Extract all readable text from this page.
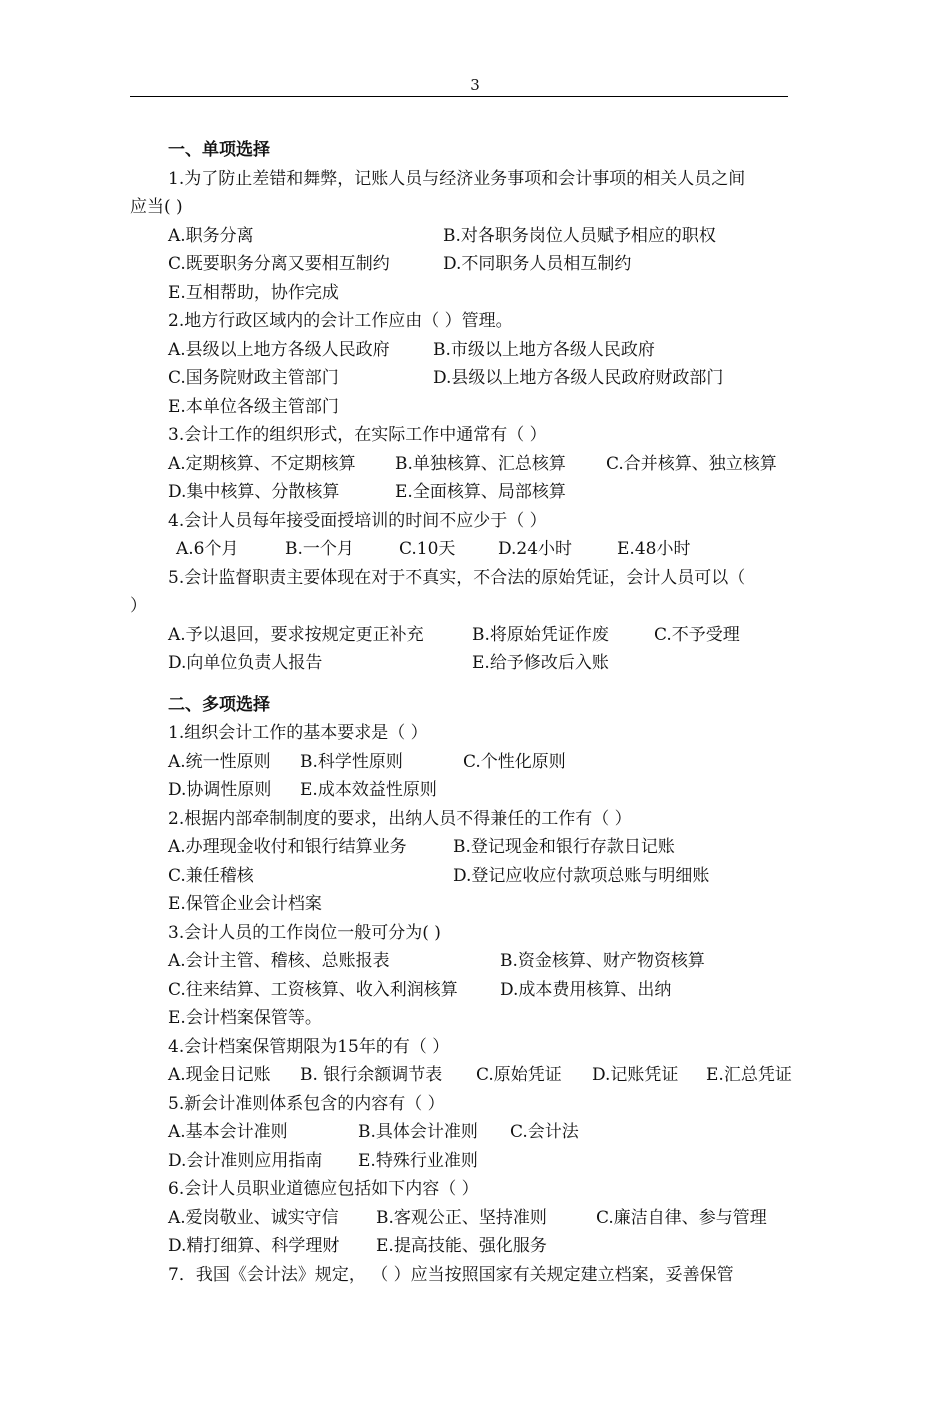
3
一、单项选择
1.为了防止差错和舞弊，记账人员与经济业务事项和会计事项的相关人员之间
应当( )
A.职务分离	B.对各职务岗位人员赋予相应的职权
C.既要职务分离又要相互制约	D.不同职务人员相互制约
E.互相帮助，协作完成
2.地方行政区域内的会计工作应由（ ）管理。
A.县级以上地方各级人民政府	B.市级以上地方各级人民政府
C.国务院财政主管部门	D.县级以上地方各级人民政府财政部门
E.本单位各级主管部门
3.会计工作的组织形式，在实际工作中通常有（ ）
A.定期核算、不定期核算 B.单独核算、汇总核算 C.合并核算、独立核算
D.集中核算、分散核算	E.全面核算、局部核算
4.会计人员每年接受面授培训的时间不应少于（ ）
A.6个月	B.一个月	C.10天	D.24小时	E.48小时
5.会计监督职责主要体现在对于不真实，不合法的原始凭证，会计人员可以（
）
A.予以退回，要求按规定更正补充	B.将原始凭证作废	C.不予受理
D.向单位负责人报告	E.给予修改后入账
二、多项选择
1.组织会计工作的基本要求是（ ）
A.统一性原则 B.科学性原则	C.个性化原则
D.协调性原则 E.成本效益性原则
2.根据内部牵制制度的要求，出纳人员不得兼任的工作有（ ）
A.办理现金收付和银行结算业务	B.登记现金和银行存款日记账
C.兼任稽核	D.登记应收应付款项总账与明细账
E.保管企业会计档案
3.会计人员的工作岗位一般可分为( )
A.会计主管、稽核、总账报表	B.资金核算、财产物资核算
C.往来结算、工资核算、收入利润核算 D.成本费用核算、出纳
E.会计档案保管等。
4.会计档案保管期限为15年的有（ ）
A.现金日记账 B. 银行余额调节表 C.原始凭证 D.记账凭证 E.汇总凭证
5.新会计准则体系包含的内容有（ ）
A.基本会计准则	B.具体会计准则 C.会计法
D.会计准则应用指南 E.特殊行业准则
6.会计人员职业道德应包括如下内容（ ）
A.爱岗敬业、诚实守信 B.客观公正、坚持准则	C.廉洁自律、参与管理
D.精打细算、科学理财 E.提高技能、强化服务
7．我国《会计法》规定， （ ）应当按照国家有关规定建立档案，妥善保管
